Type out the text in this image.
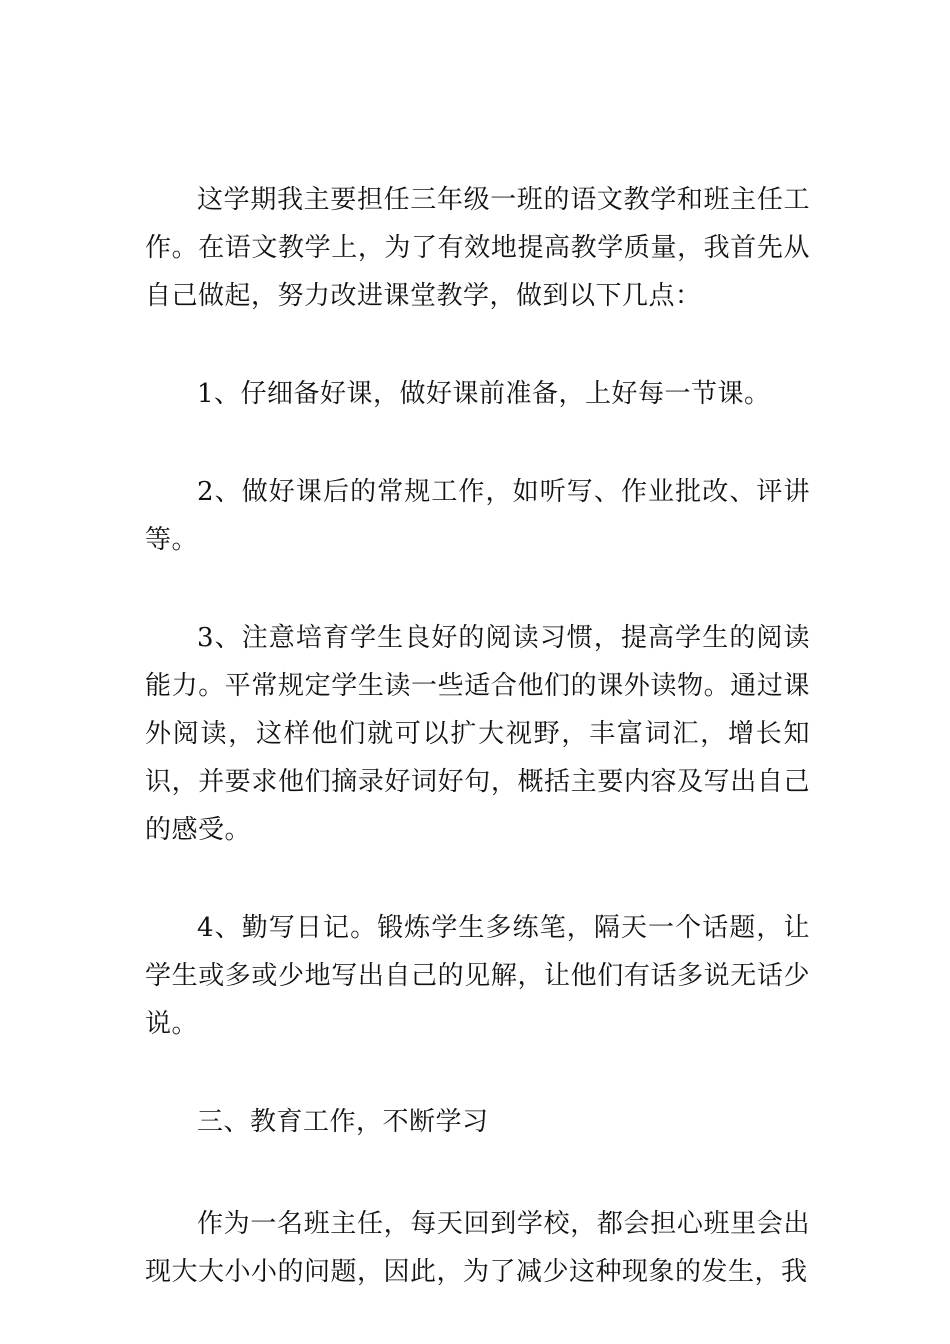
这学期我主要担任三年级一班的语文教学和班主任工作。在语文教学上，为了有效地提高教学质量，我首先从自己做起，努力改进课堂教学，做到以下几点：

1、仔细备好课，做好课前准备，上好每一节课。

2、做好课后的常规工作，如听写、作业批改、评讲等。

3、注意培育学生良好的阅读习惯，提高学生的阅读能力。平常规定学生读一些适合他们的课外读物。通过课外阅读，这样他们就可以扩大视野，丰富词汇，增长知识，并要求他们摘录好词好句，概括主要内容及写出自己的感受。

4、勤写日记。锻炼学生多练笔，隔天一个话题，让学生或多或少地写出自己的见解，让他们有话多说无话少说。

三、教育工作，不断学习

作为一名班主任，每天回到学校，都会担心班里会出现大大小小的问题，因此，为了减少这种现象的发生，我
